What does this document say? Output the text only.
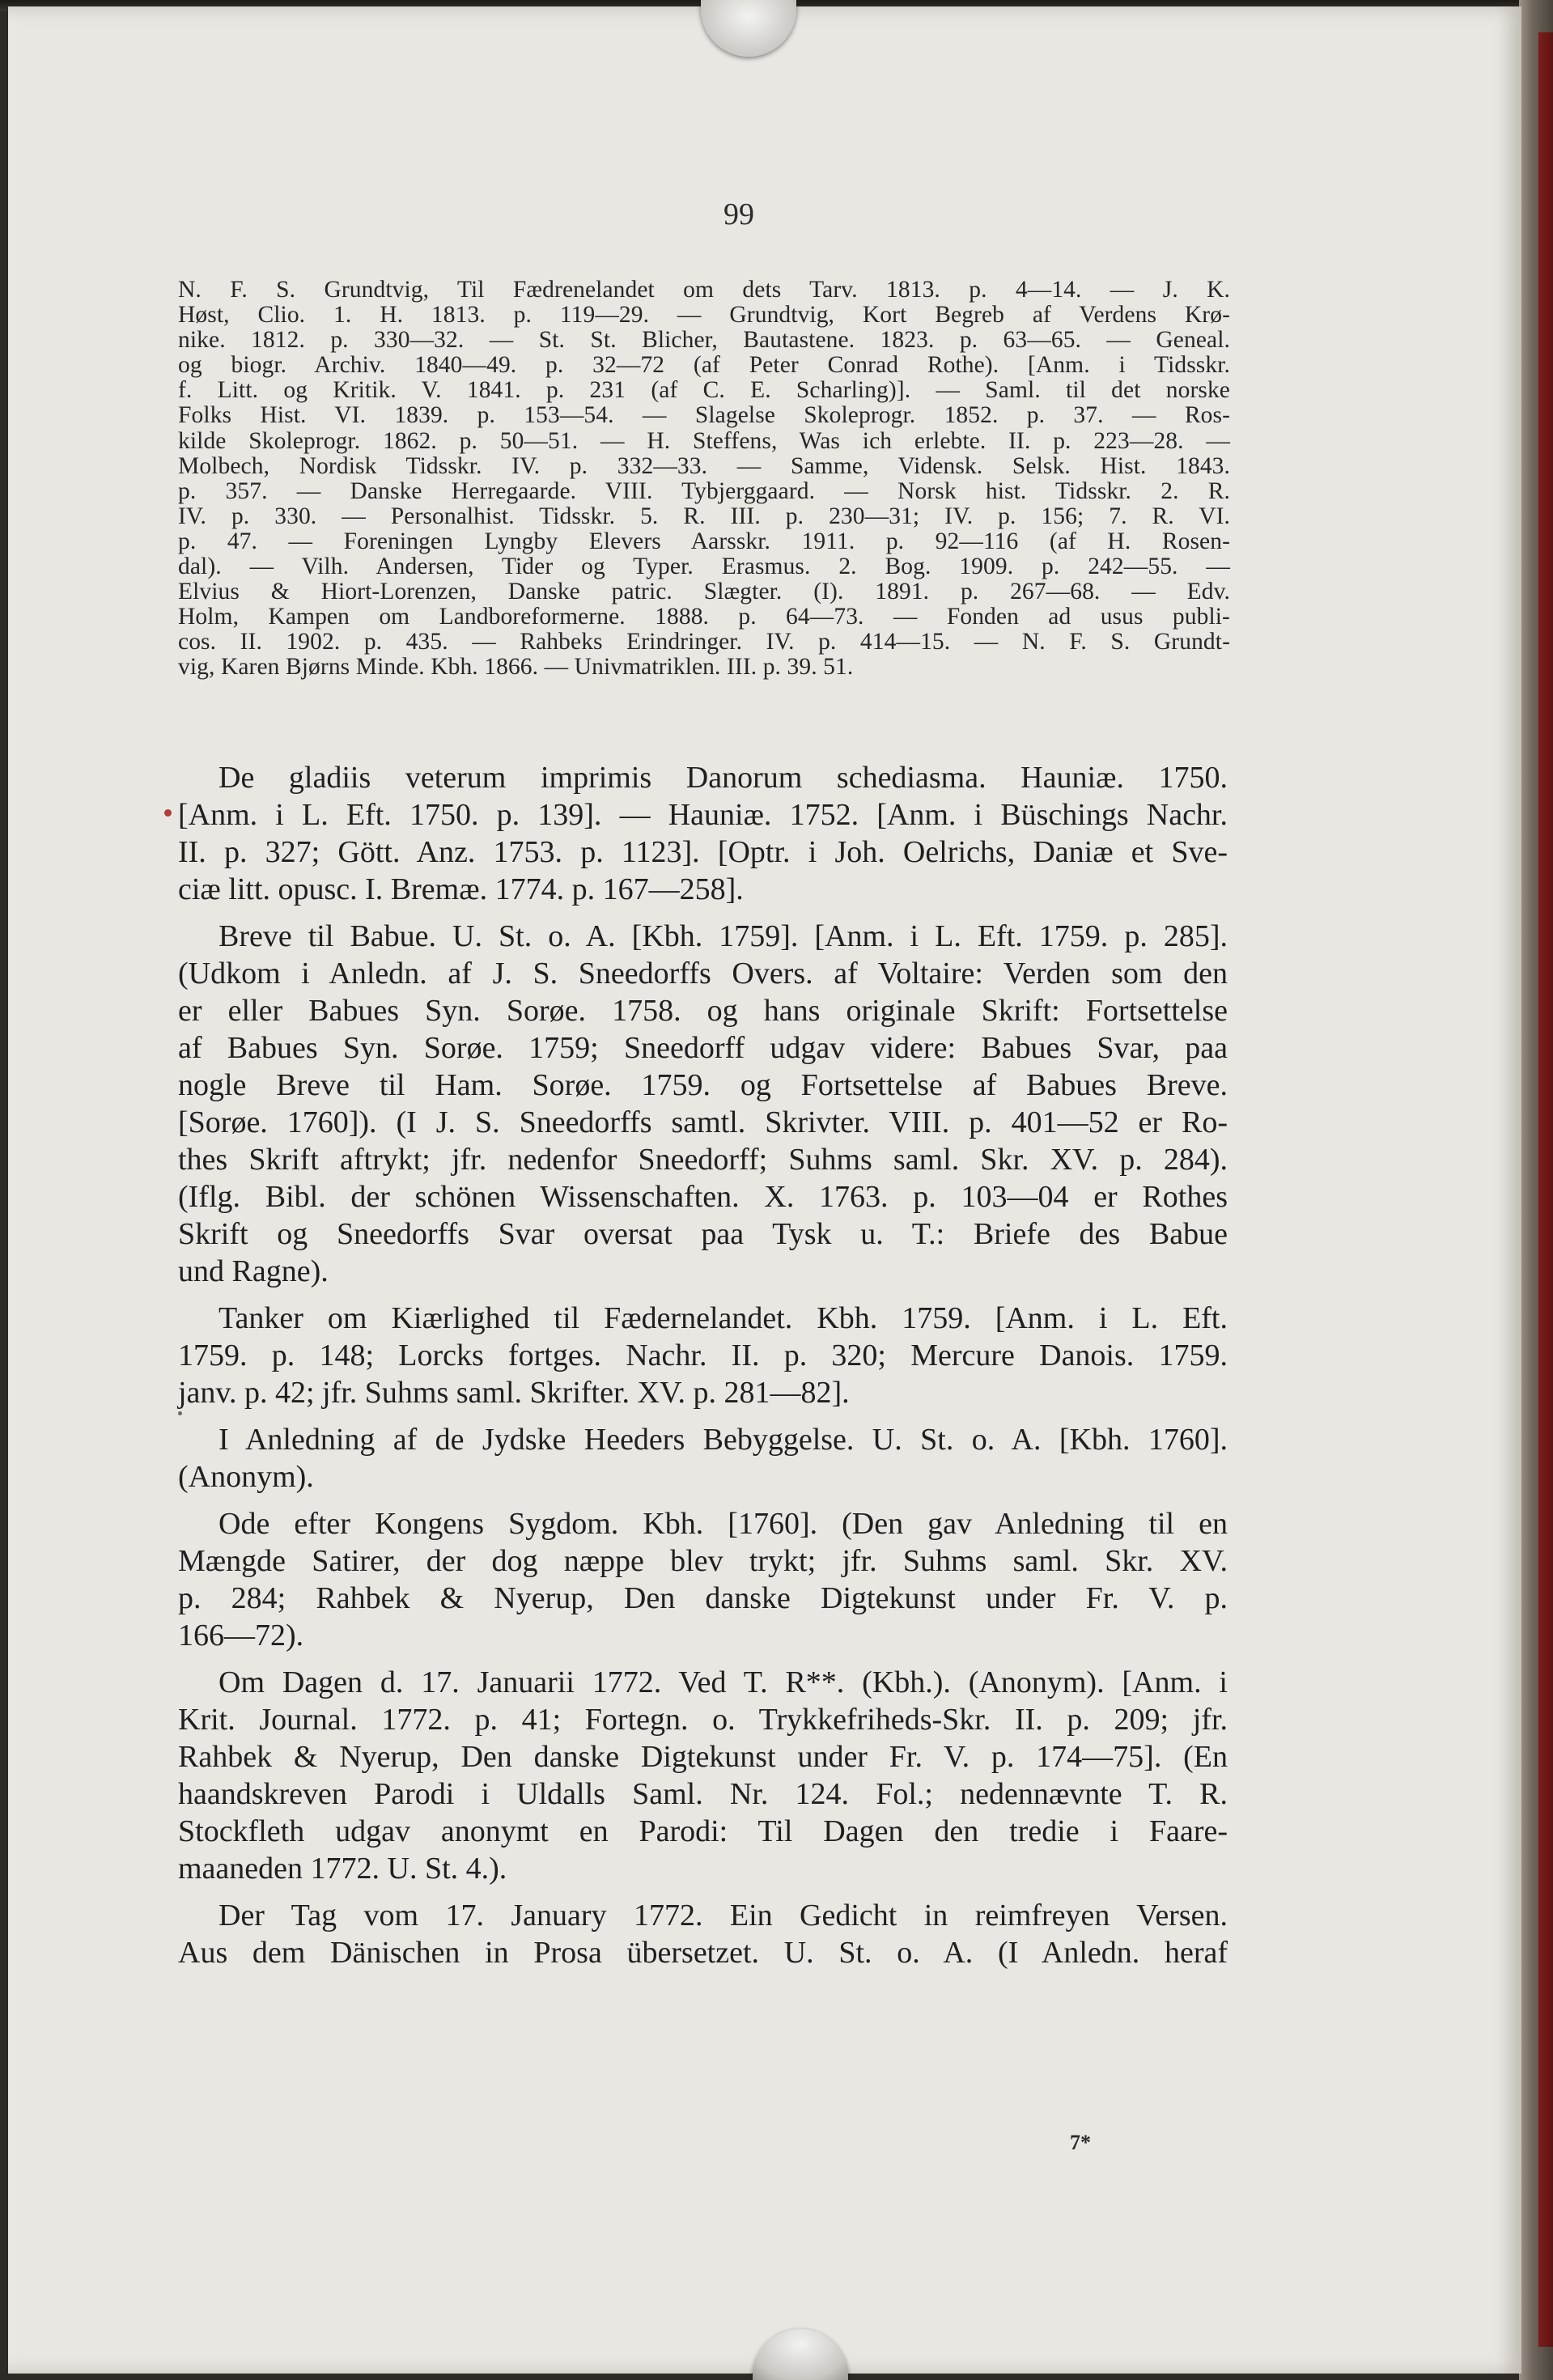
99
N. F. S. Grundtvig, Til Fædrenelandet om dets Tarv. 1813. p. 4—14. — J. K.
Høst, Clio. 1. H. 1813. p. 119—29. — Grundtvig, Kort Begreb af Verdens Krø-
nike. 1812. p. 330—32. — St. St. Blicher, Bautastene. 1823. p. 63—65. — Geneal.
og biogr. Archiv. 1840—49. p. 32—72 (af Peter Conrad Rothe). [Anm. i Tidsskr.
f. Litt. og Kritik. V. 1841. p. 231 (af C. E. Scharling)]. — Saml. til det norske
Folks Hist. VI. 1839. p. 153—54. — Slagelse Skoleprogr. 1852. p. 37. — Ros-
kilde Skoleprogr. 1862. p. 50—51. — H. Steffens, Was ich erlebte. II. p. 223—28. —
Molbech, Nordisk Tidsskr. IV. p. 332—33. — Samme, Vidensk. Selsk. Hist. 1843.
p. 357. — Danske Herregaarde. VIII. Tybjerggaard. — Norsk hist. Tidsskr. 2. R.
IV. p. 330. — Personalhist. Tidsskr. 5. R. III. p. 230—31; IV. p. 156; 7. R. VI.
p. 47. — Foreningen Lyngby Elevers Aarsskr. 1911. p. 92—116 (af H. Rosen-
dal). — Vilh. Andersen, Tider og Typer. Erasmus. 2. Bog. 1909. p. 242—55. —
Elvius & Hiort-Lorenzen, Danske patric. Slægter. (I). 1891. p. 267—68. — Edv.
Holm, Kampen om Landboreformerne. 1888. p. 64—73. — Fonden ad usus publi-
cos. II. 1902. p. 435. — Rahbeks Erindringer. IV. p. 414—15. — N. F. S. Grundt-
vig, Karen Bjørns Minde. Kbh. 1866. — Univmatriklen. III. p. 39. 51.
De gladiis veterum imprimis Danorum schediasma. Hauniæ. 1750.
[Anm. i L. Eft. 1750. p. 139]. — Hauniæ. 1752. [Anm. i Büschings Nachr.
II. p. 327; Gött. Anz. 1753. p. 1123]. [Optr. i Joh. Oelrichs, Daniæ et Sve-
ciæ litt. opusc. I. Bremæ. 1774. p. 167—258].
Breve til Babue. U. St. o. A. [Kbh. 1759]. [Anm. i L. Eft. 1759. p. 285].
(Udkom i Anledn. af J. S. Sneedorffs Overs. af Voltaire: Verden som den
er eller Babues Syn. Sorøe. 1758. og hans originale Skrift: Fortsettelse
af Babues Syn. Sorøe. 1759; Sneedorff udgav videre: Babues Svar, paa
nogle Breve til Ham. Sorøe. 1759. og Fortsettelse af Babues Breve.
[Sorøe. 1760]). (I J. S. Sneedorffs samtl. Skrivter. VIII. p. 401—52 er Ro-
thes Skrift aftrykt; jfr. nedenfor Sneedorff; Suhms saml. Skr. XV. p. 284).
(Iflg. Bibl. der schönen Wissenschaften. X. 1763. p. 103—04 er Rothes
Skrift og Sneedorffs Svar oversat paa Tysk u. T.: Briefe des Babue
und Ragne).
Tanker om Kiærlighed til Fædernelandet. Kbh. 1759. [Anm. i L. Eft.
1759. p. 148; Lorcks fortges. Nachr. II. p. 320; Mercure Danois. 1759.
janv. p. 42; jfr. Suhms saml. Skrifter. XV. p. 281—82].
I Anledning af de Jydske Heeders Bebyggelse. U. St. o. A. [Kbh. 1760].
(Anonym).
Ode efter Kongens Sygdom. Kbh. [1760]. (Den gav Anledning til en
Mængde Satirer, der dog næppe blev trykt; jfr. Suhms saml. Skr. XV.
p. 284; Rahbek & Nyerup, Den danske Digtekunst under Fr. V. p.
166—72).
Om Dagen d. 17. Januarii 1772. Ved T. R**. (Kbh.). (Anonym). [Anm. i
Krit. Journal. 1772. p. 41; Fortegn. o. Trykkefriheds-Skr. II. p. 209; jfr.
Rahbek & Nyerup, Den danske Digtekunst under Fr. V. p. 174—75]. (En
haandskreven Parodi i Uldalls Saml. Nr. 124. Fol.; nedennævnte T. R.
Stockfleth udgav anonymt en Parodi: Til Dagen den tredie i Faare-
maaneden 1772. U. St. 4.).
Der Tag vom 17. January 1772. Ein Gedicht in reimfreyen Versen.
Aus dem Dänischen in Prosa übersetzet. U. St. o. A. (I Anledn. heraf
7*
